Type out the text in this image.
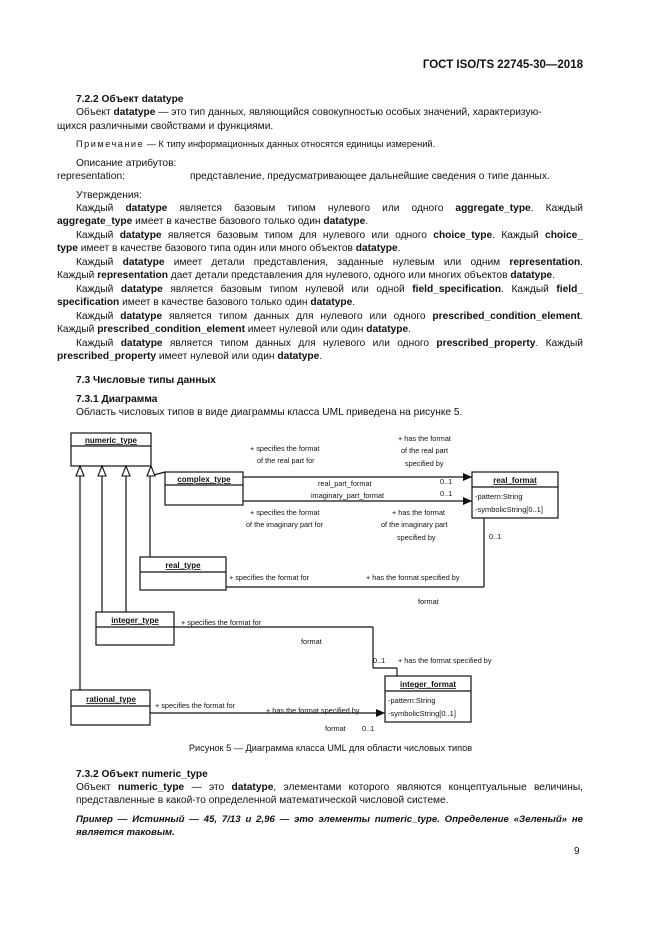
ГОСТ ISO/TS 22745-30—2018
7.2.2 Объект datatype
Объект datatype — это тип данных, являющийся совокупностью особых значений, характеризую-
щихся различными свойствами и функциями.
Примечание — К типу информационных данных относятся единицы измерений.
Описание атрибутов:
representation:	представление, предусматривающее дальнейшие сведения о типе данных.
Утверждения:
Каждый datatype является базовым типом нулевого или одного aggregate_type. Каждый
aggregate_type имеет в качестве базового только один datatype.
Каждый datatype является базовым типом для нулевого или одного choice_type. Каждый choice_
type имеет в качестве базового типа один или много объектов datatype.
Каждый datatype имеет детали представления, заданные нулевым или одним representation.
Каждый representation дает детали представления для нулевого, одного или многих объектов datatype.
Каждый datatype является базовым типом нулевой или одной field_specification. Каждый field_
specification имеет в качестве базового только один datatype.
Каждый datatype является типом данных для нулевого или одного prescribed_condition_element.
Каждый prescribed_condition_element имеет нулевой или один datatype.
Каждый datatype является типом данных для нулевого или одного prescribed_property. Каждый
prescribed_property имеет нулевой или один datatype.
7.3 Числовые типы данных
7.3.1 Диаграмма
Область числовых типов в виде диаграммы класса UML приведена на рисунке 5.
numeric_type
complex_type
real_type
integer_type
rational_type
real_format
integer_format
-pattern:String
-symbolicString[0..1]
-pattern:String
-symbolicString[0..1]
+ specifies the format
of the real part for
+ has the format
of the real part
specified by
real_part_format
imaginary_part_format
0..1
0..1
+ specifies the format
of the imaginary part for
+ has the format
of the imaginary part
specified by	0..1
+ specifies the format for	+ has the format specified by
format
+ specifies the format for
format
0..1 + has the format specified by
+ specifies the format for
+ has the format specified by
format 0..1
Рисунок 5 — Диаграмма класса UML для области числовых типов
7.3.2 Объект numeric_type
Объект numeric_type — это datatype, элементами которого являются концептуальные величины,
представленные в какой-то определенной математической числовой системе.
Пример — Истинный — 45, 7/13 и 2,96 — это элементы numeric_type. Определение «Зеленый» не
является таковым.
9
